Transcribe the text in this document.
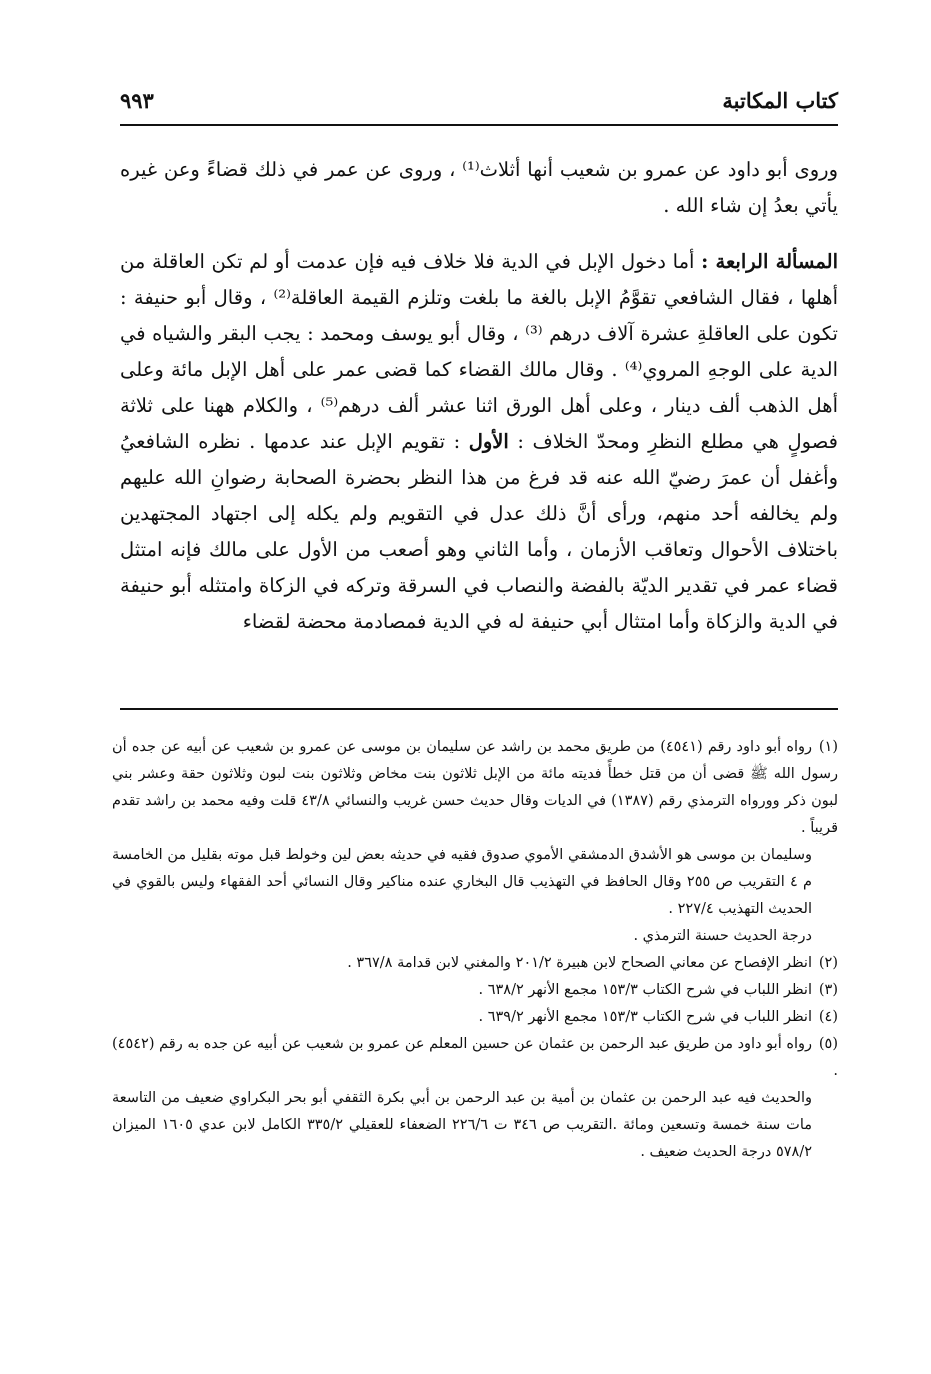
كتاب المكاتبة
٩٩٣

وروى أبو داود عن عمرو بن شعيب أنها أثلاث⁽¹⁾ ، وروى عن عمر في ذلك قضاءً وعن غيره يأتي بعدُ إن شاء الله .

المسألة الرابعة : أما دخول الإبل في الدية فلا خلاف فيه فإن عدمت أو لم تكن العاقلة من أهلها ، فقال الشافعي تقوَّمُ الإبل بالغة ما بلغت وتلزم القيمة العاقلة⁽²⁾ ، وقال أبو حنيفة : تكون على العاقلةِ عشرة آلاف درهم ⁽³⁾ ، وقال أبو يوسف ومحمد : يجب البقر والشياه في الدية على الوجهِ المروي⁽⁴⁾ . وقال مالك القضاء كما قضى عمر على أهل الإبل مائة وعلى أهل الذهب ألف دينار ، وعلى أهل الورق اثنا عشر ألف درهم⁽⁵⁾ ، والكلام ههنا على ثلاثة فصولٍ هي مطلع النظرِ ومحدّ الخلاف : الأول : تقويم الإبل عند عدمها . نظره الشافعيُ وأغفل أن عمرَ رضيّ الله عنه قد فرغ من هذا النظر بحضرة الصحابة رضوانِ الله عليهم ولم يخالفه أحد منهم، ورأى أنَّ ذلك عدل في التقويم ولم يكله إلى اجتهاد المجتهدين باختلاف الأحوال وتعاقب الأزمان ، وأما الثاني وهو أصعب من الأول على مالك فإنه امتثل قضاء عمر في تقدير الديّة بالفضة والنصاب في السرقة وتركه في الزكاة وامتثله أبو حنيفة في الدية والزكاة وأما امتثال أبي حنيفة له في الدية فمصادمة محضة لقضاء

(١)رواه أبو داود رقم (٤٥٤١) من طريق محمد بن راشد عن سليمان بن موسى عن عمرو بن شعيب عن أبيه عن جده أن رسول الله ﷺ قضى أن من قتل خطأً فديته مائة من الإبل ثلاثون بنت مخاض وثلاثون بنت لبون وثلاثون حقة وعشر بني لبون ذكر وورواه الترمذي رقم (١٣٨٧) في الديات وقال حديث حسن غريب والنسائي ٤٣/٨ قلت وفيه محمد بن راشد تقدم قريباً .

وسليمان بن موسى هو الأشدق الدمشقي الأموي صدوق فقيه في حديثه بعض لين وخولط قبل موته بقليل من الخامسة م ٤ التقريب ص ٢٥٥ وقال الحافظ في التهذيب قال البخاري عنده مناكير وقال النسائي أحد الفقهاء وليس بالقوي في الحديث التهذيب ٢٢٧/٤ .

درجة الحديث حسنة الترمذي .

(٢)انظر الإفصاح عن معاني الصحاح لابن هبيرة ٢٠١/٢ والمغني لابن قدامة ٣٦٧/٨ .

(٣)انظر اللباب في شرح الكتاب ١٥٣/٣ مجمع الأنهر ٦٣٨/٢ .

(٤)انظر اللباب في شرح الكتاب ١٥٣/٣ مجمع الأنهر ٦٣٩/٢ .

(٥)رواه أبو داود من طريق عبد الرحمن بن عثمان عن حسين المعلم عن عمرو بن شعيب عن أبيه عن جده به رقم (٤٥٤٢) .

والحديث فيه عبد الرحمن بن عثمان بن أمية بن عبد الرحمن بن أبي بكرة الثقفي أبو بحر البكراوي ضعيف من التاسعة مات سنة خمسة وتسعين ومائة .التقريب ص ٣٤٦ ت ٢٢٦/٦ الضعفاء للعقيلي ٣٣٥/٢ الكامل لابن عدي ١٦٠٥ الميزان ٥٧٨/٢ درجة الحديث ضعيف .
